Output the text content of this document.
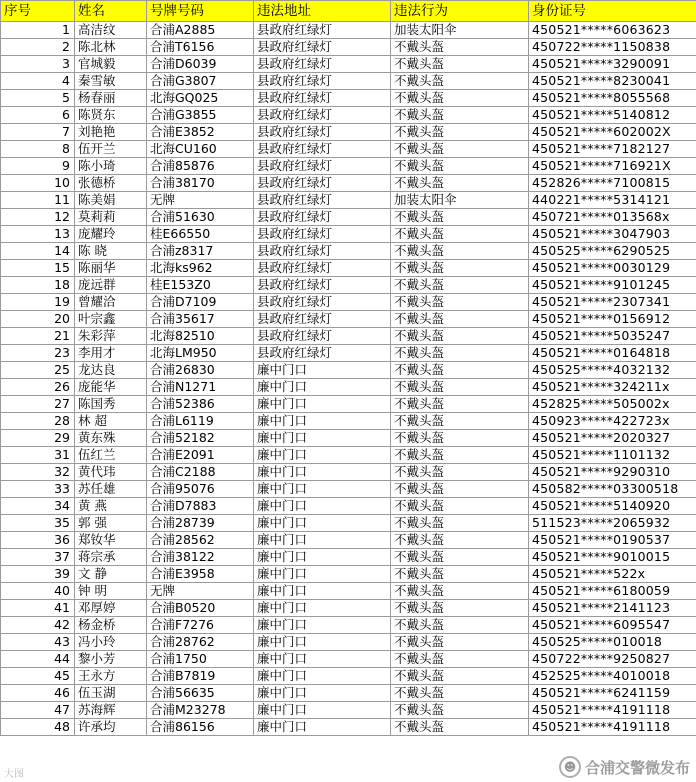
序号	姓名	号牌号码	违法地址	违法行为	身份证号
1	高洁纹	合浦A2885	县政府红绿灯	加装太阳伞	450521*****6063623
2	陈北林	合浦T6156	县政府红绿灯	不戴头盔	450722*****1150838
3	官城毅	合浦D6039	县政府红绿灯	不戴头盔	450521*****3290091
4	秦雪敏	合浦G3807	县政府红绿灯	不戴头盔	450521*****8230041
5	杨春丽	北海GQ025	县政府红绿灯	不戴头盔	450521*****8055568
6	陈贤东	合浦G3855	县政府红绿灯	不戴头盔	450521*****5140812
7	刘艳艳	合浦E3852	县政府红绿灯	不戴头盔	450521*****602002X
8	伍开兰	北海CU160	县政府红绿灯	不戴头盔	450521*****7182127
9	陈小琦	合浦85876	县政府红绿灯	不戴头盔	450521*****716921X
10	张德桥	合浦38170	县政府红绿灯	不戴头盔	452826*****7100815
11	陈美娟	无牌	县政府红绿灯	加装太阳伞	440221*****5314121
12	莫莉莉	合浦51630	县政府红绿灯	不戴头盔	450721*****013568x
13	庞耀玲	桂E66550	县政府红绿灯	不戴头盔	450521*****3047903
14	陈 晓	合浦z8317	县政府红绿灯	不戴头盔	450525*****6290525
15	陈丽华	北海ks962	县政府红绿灯	不戴头盔	450521*****0030129
18	庞远群	桂E153Z0	县政府红绿灯	不戴头盔	450521*****9101245
19	曾耀洽	合浦D7109	县政府红绿灯	不戴头盔	450521*****2307341
20	叶宗鑫	合浦35617	县政府红绿灯	不戴头盔	450521*****0156912
21	朱彩萍	北海82510	县政府红绿灯	不戴头盔	450521*****5035247
23	李用才	北海LM950	县政府红绿灯	不戴头盔	450521*****0164818
25	龙达良	合浦26830	廉中门口	不戴头盔	450525*****4032132
26	庞能华	合浦N1271	廉中门口	不戴头盔	450521*****324211x
27	陈国秀	合浦52386	廉中门口	不戴头盔	452825*****505002x
28	林 超	合浦L6119	廉中门口	不戴头盔	450923*****422723x
29	黄东殊	合浦52182	廉中门口	不戴头盔	450521*****2020327
31	伍红兰	合浦E2091	廉中门口	不戴头盔	450521*****1101132
32	黄代玮	合浦C2188	廉中门口	不戴头盔	450521*****9290310
33	苏任雄	合浦95076	廉中门口	不戴头盔	450582*****03300518
34	黄 燕	合浦D7883	廉中门口	不戴头盔	450521*****5140920
35	郭 强	合浦28739	廉中门口	不戴头盔	511523*****2065932
36	郑钕华	合浦28562	廉中门口	不戴头盔	450521*****0190537
37	蒋宗承	合浦38122	廉中门口	不戴头盔	450521*****9010015
39	文 静	合浦E3958	廉中门口	不戴头盔	450521*****522x
40	钟 明	无牌	廉中门口	不戴头盔	450521*****6180059
41	邓厚婷	合浦B0520	廉中门口	不戴头盔	450521*****2141123
42	杨金桥	合浦F7276	廉中门口	不戴头盔	450521*****6095547
43	冯小玲	合浦28762	廉中门口	不戴头盔	450525*****010018
44	黎小芳	合浦1750	廉中门口	不戴头盔	450722*****9250827
45	王永方	合浦B7819	廉中门口	不戴头盔	452525*****4010018
46	伍玉湖	合浦56635	廉中门口	不戴头盔	450521*****6241159
47	苏海辉	合浦M23278	廉中门口	不戴头盔	450521*****4191118
48	许承均	合浦86156	廉中门口	不戴头盔	450521*****4191118
大图
☻ 合浦交警微发布
